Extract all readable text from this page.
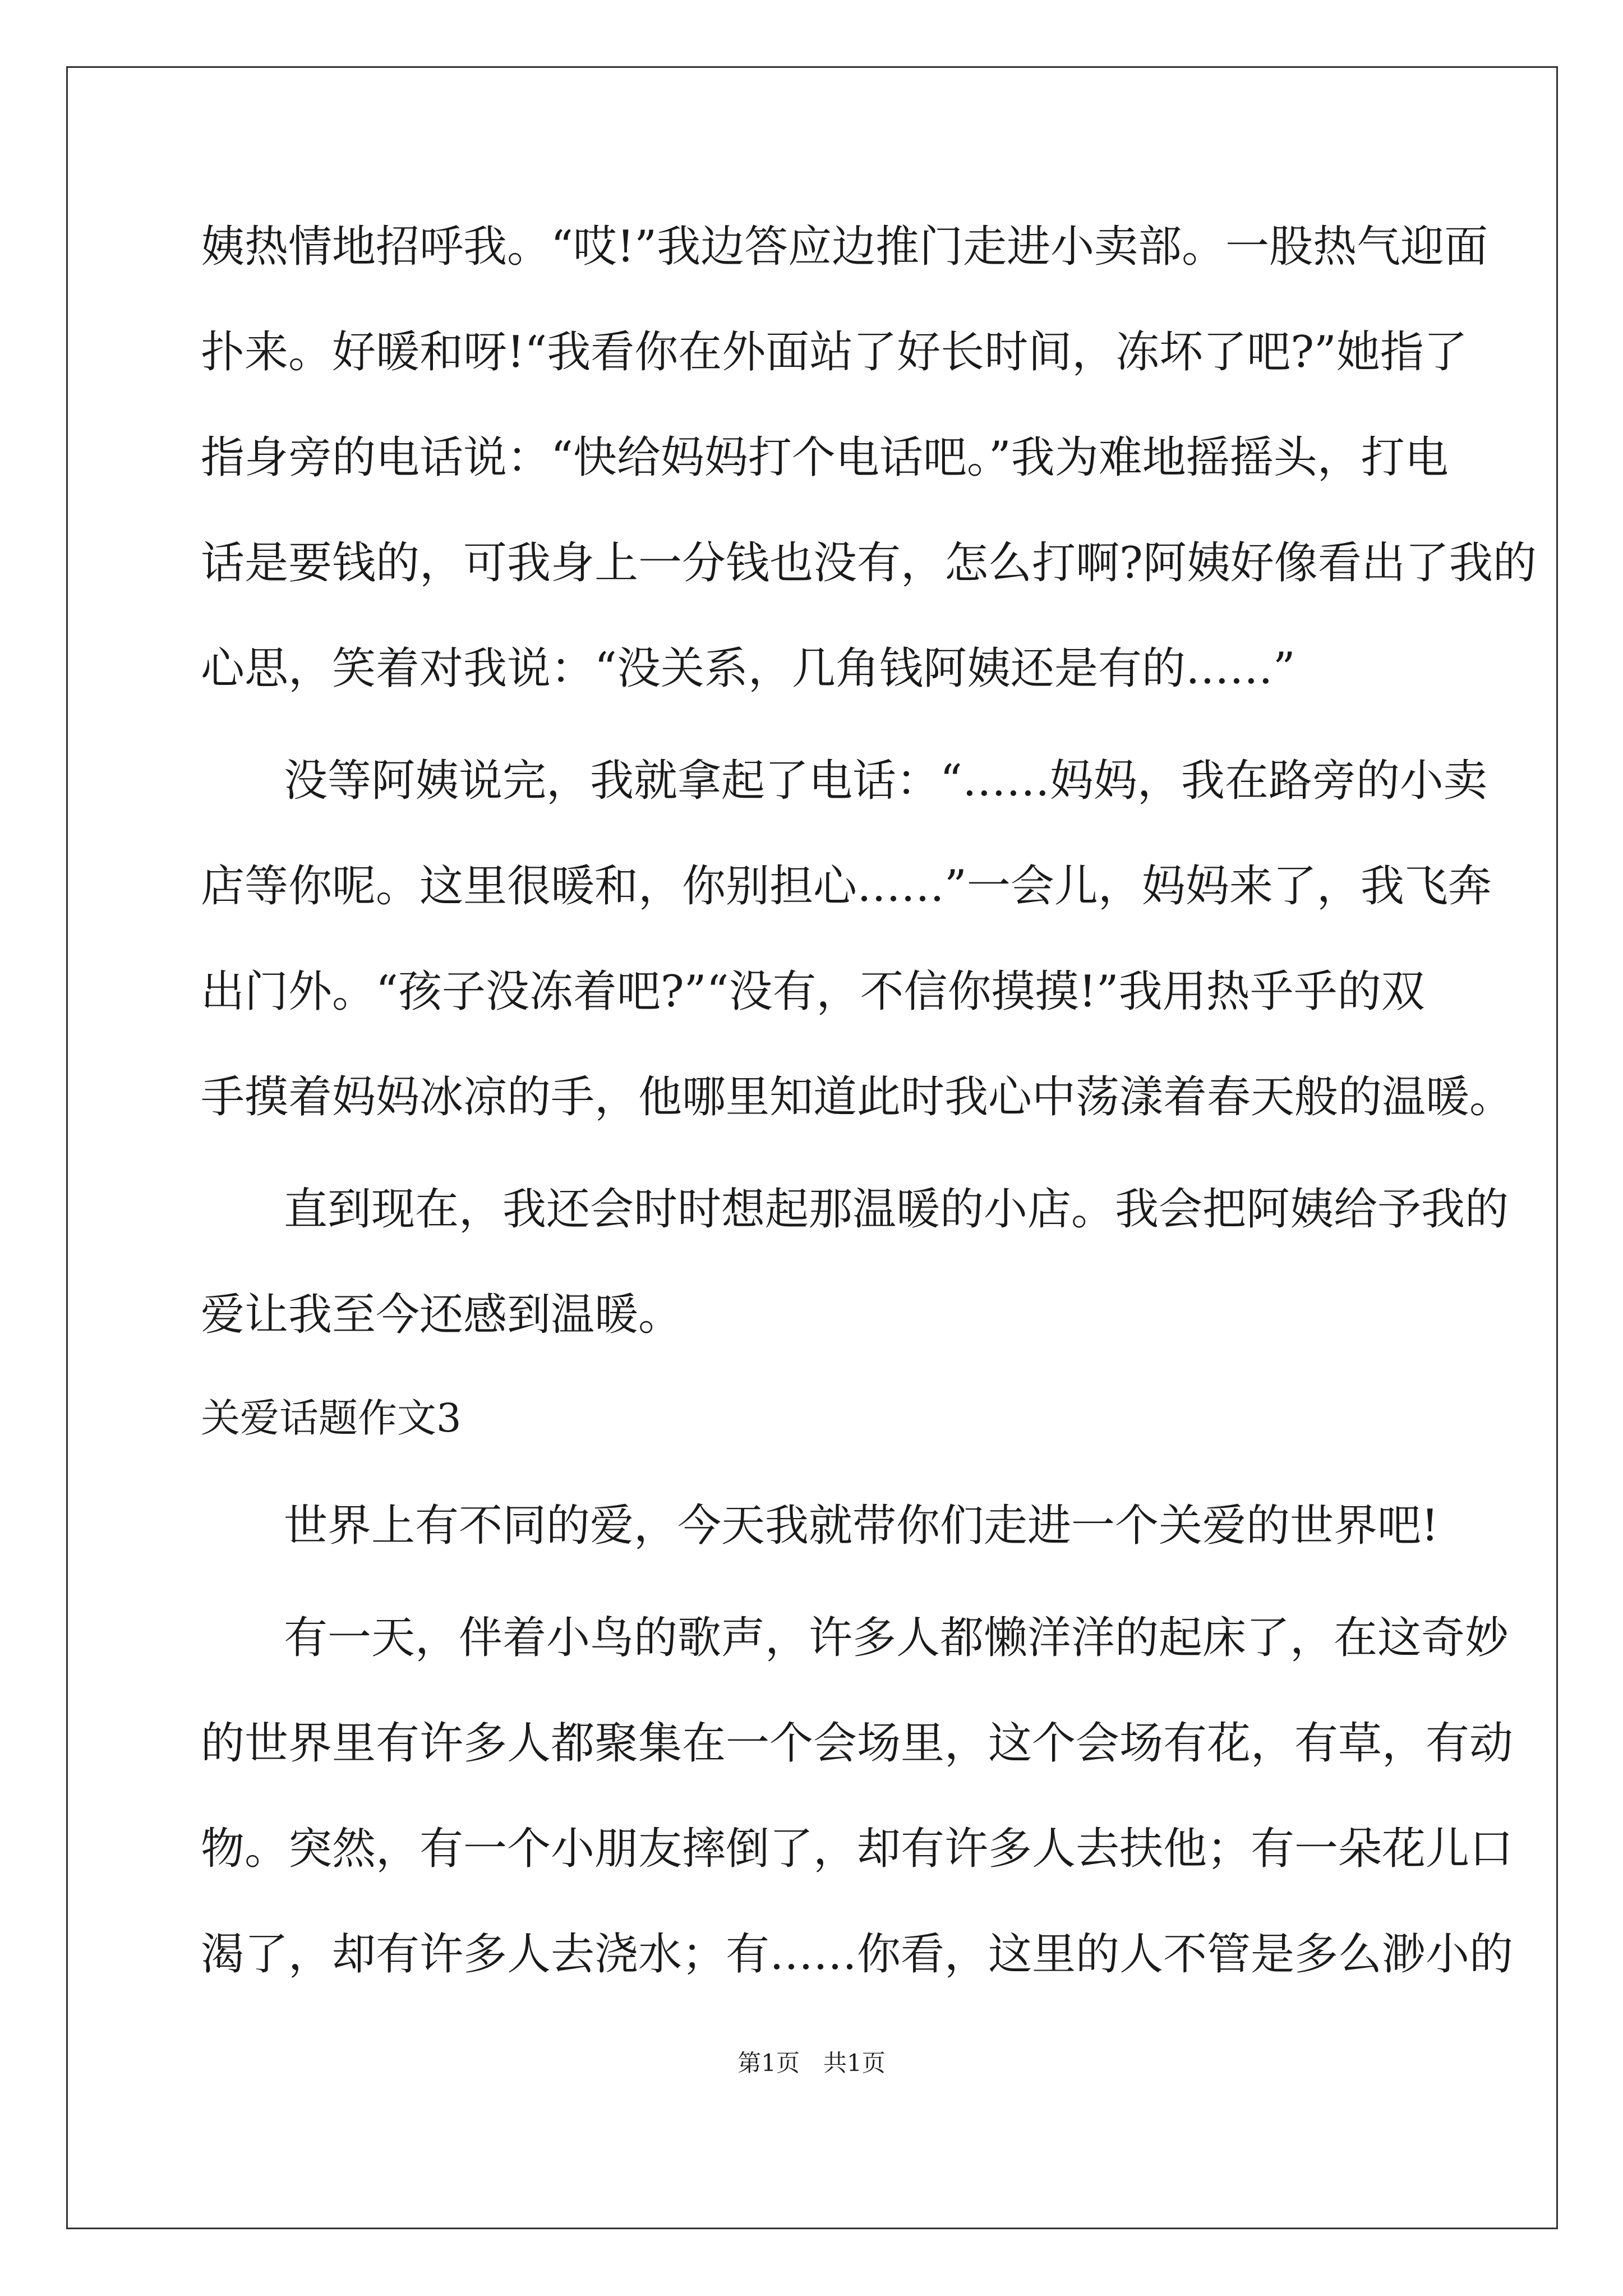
姨热情地招呼我。“哎!”我边答应边推门走进小卖部。一股热气迎面
扑来。好暖和呀!“我看你在外面站了好长时间，冻坏了吧?”她指了
指身旁的电话说：“快给妈妈打个电话吧。”我为难地摇摇头，打电
话是要钱的，可我身上一分钱也没有，怎么打啊?阿姨好像看出了我的
心思，笑着对我说：“没关系，几角钱阿姨还是有的……”
没等阿姨说完，我就拿起了电话：“……妈妈，我在路旁的小卖
店等你呢。这里很暖和，你别担心……”一会儿，妈妈来了，我飞奔
出门外。“孩子没冻着吧?”“没有，不信你摸摸!”我用热乎乎的双
手摸着妈妈冰凉的手，他哪里知道此时我心中荡漾着春天般的温暖。
直到现在，我还会时时想起那温暖的小店。我会把阿姨给予我的
爱让我至今还感到温暖。
关爱话题作文3
世界上有不同的爱，今天我就带你们走进一个关爱的世界吧!
有一天，伴着小鸟的歌声，许多人都懒洋洋的起床了，在这奇妙
的世界里有许多人都聚集在一个会场里，这个会场有花，有草，有动
物。突然，有一个小朋友摔倒了，却有许多人去扶他；有一朵花儿口
渴了，却有许多人去浇水；有……你看，这里的人不管是多么渺小的
第1页　共1页
